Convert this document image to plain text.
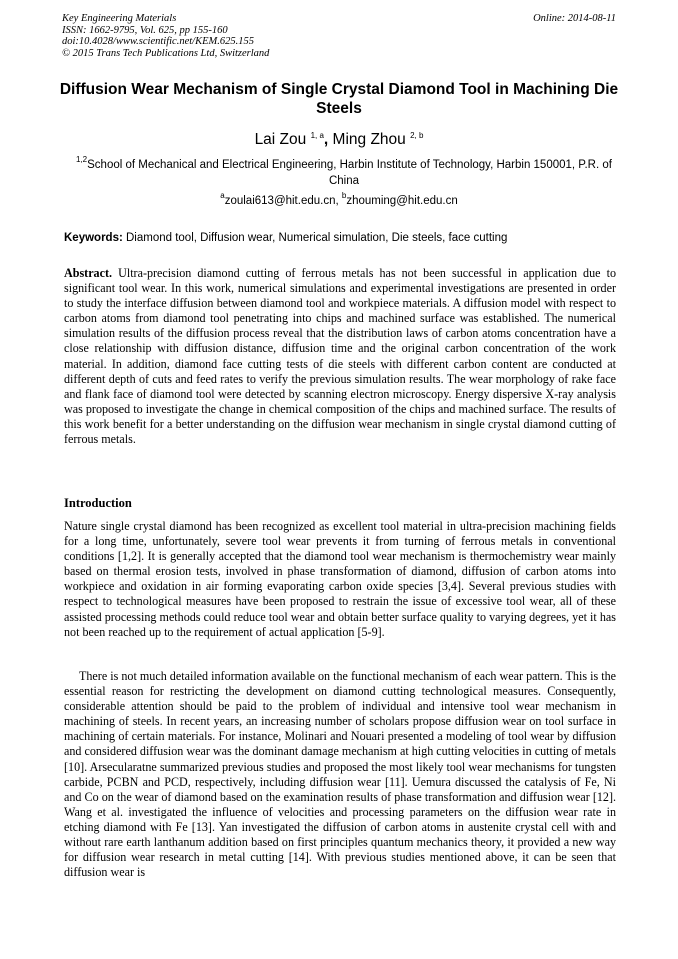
Key Engineering Materials
ISSN: 1662-9795, Vol. 625, pp 155-160
doi:10.4028/www.scientific.net/KEM.625.155
© 2015 Trans Tech Publications Ltd, Switzerland
Online: 2014-08-11
Diffusion Wear Mechanism of Single Crystal Diamond Tool in Machining Die Steels
Lai Zou $^{1, a}$, Ming Zhou $^{2, b}$
$^{1,2}$School of Mechanical and Electrical Engineering, Harbin Institute of Technology, Harbin 150001, P.R. of China
$^a$zoulai613@hit.edu.cn, $^b$zhouming@hit.edu.cn
Keywords: Diamond tool, Diffusion wear, Numerical simulation, Die steels, face cutting
Abstract. Ultra-precision diamond cutting of ferrous metals has not been successful in application due to significant tool wear. In this work, numerical simulations and experimental investigations are presented in order to study the interface diffusion between diamond tool and workpiece materials. A diffusion model with respect to carbon atoms from diamond tool penetrating into chips and machined surface was established. The numerical simulation results of the diffusion process reveal that the distribution laws of carbon atoms concentration have a close relationship with diffusion distance, diffusion time and the original carbon concentration of the work material. In addition, diamond face cutting tests of die steels with different carbon content are conducted at different depth of cuts and feed rates to verify the previous simulation results. The wear morphology of rake face and flank face of diamond tool were detected by scanning electron microscopy. Energy dispersive X-ray analysis was proposed to investigate the change in chemical composition of the chips and machined surface. The results of this work benefit for a better understanding on the diffusion wear mechanism in single crystal diamond cutting of ferrous metals.
Introduction
Nature single crystal diamond has been recognized as excellent tool material in ultra-precision machining fields for a long time, unfortunately, severe tool wear prevents it from turning of ferrous metals in conventional conditions [1,2]. It is generally accepted that the diamond tool wear mechanism is thermochemistry wear mainly based on thermal erosion tests, involved in phase transformation of diamond, diffusion of carbon atoms into workpiece and oxidation in air forming evaporating carbon oxide species [3,4]. Several previous studies with respect to technological measures have been proposed to restrain the issue of excessive tool wear, all of these assisted processing methods could reduce tool wear and obtain better surface quality to varying degrees, yet it has not been reached up to the requirement of actual application [5-9].
There is not much detailed information available on the functional mechanism of each wear pattern. This is the essential reason for restricting the development on diamond cutting technological measures. Consequently, considerable attention should be paid to the problem of individual and intensive tool wear mechanism in machining of steels. In recent years, an increasing number of scholars propose diffusion wear on tool surface in machining of certain materials. For instance, Molinari and Nouari presented a modeling of tool wear by diffusion and considered diffusion wear was the dominant damage mechanism at high cutting velocities in cutting of metals [10]. Arsecularatne summarized previous studies and proposed the most likely tool wear mechanisms for tungsten carbide, PCBN and PCD, respectively, including diffusion wear [11]. Uemura discussed the catalysis of Fe, Ni and Co on the wear of diamond based on the examination results of phase transformation and diffusion wear [12]. Wang et al. investigated the influence of velocities and processing parameters on the diffusion wear rate in etching diamond with Fe [13]. Yan investigated the diffusion of carbon atoms in austenite crystal cell with and without rare earth lanthanum addition based on first principles quantum mechanics theory, it provided a new way for diffusion wear research in metal cutting [14]. With previous studies mentioned above, it can be seen that diffusion wear is
